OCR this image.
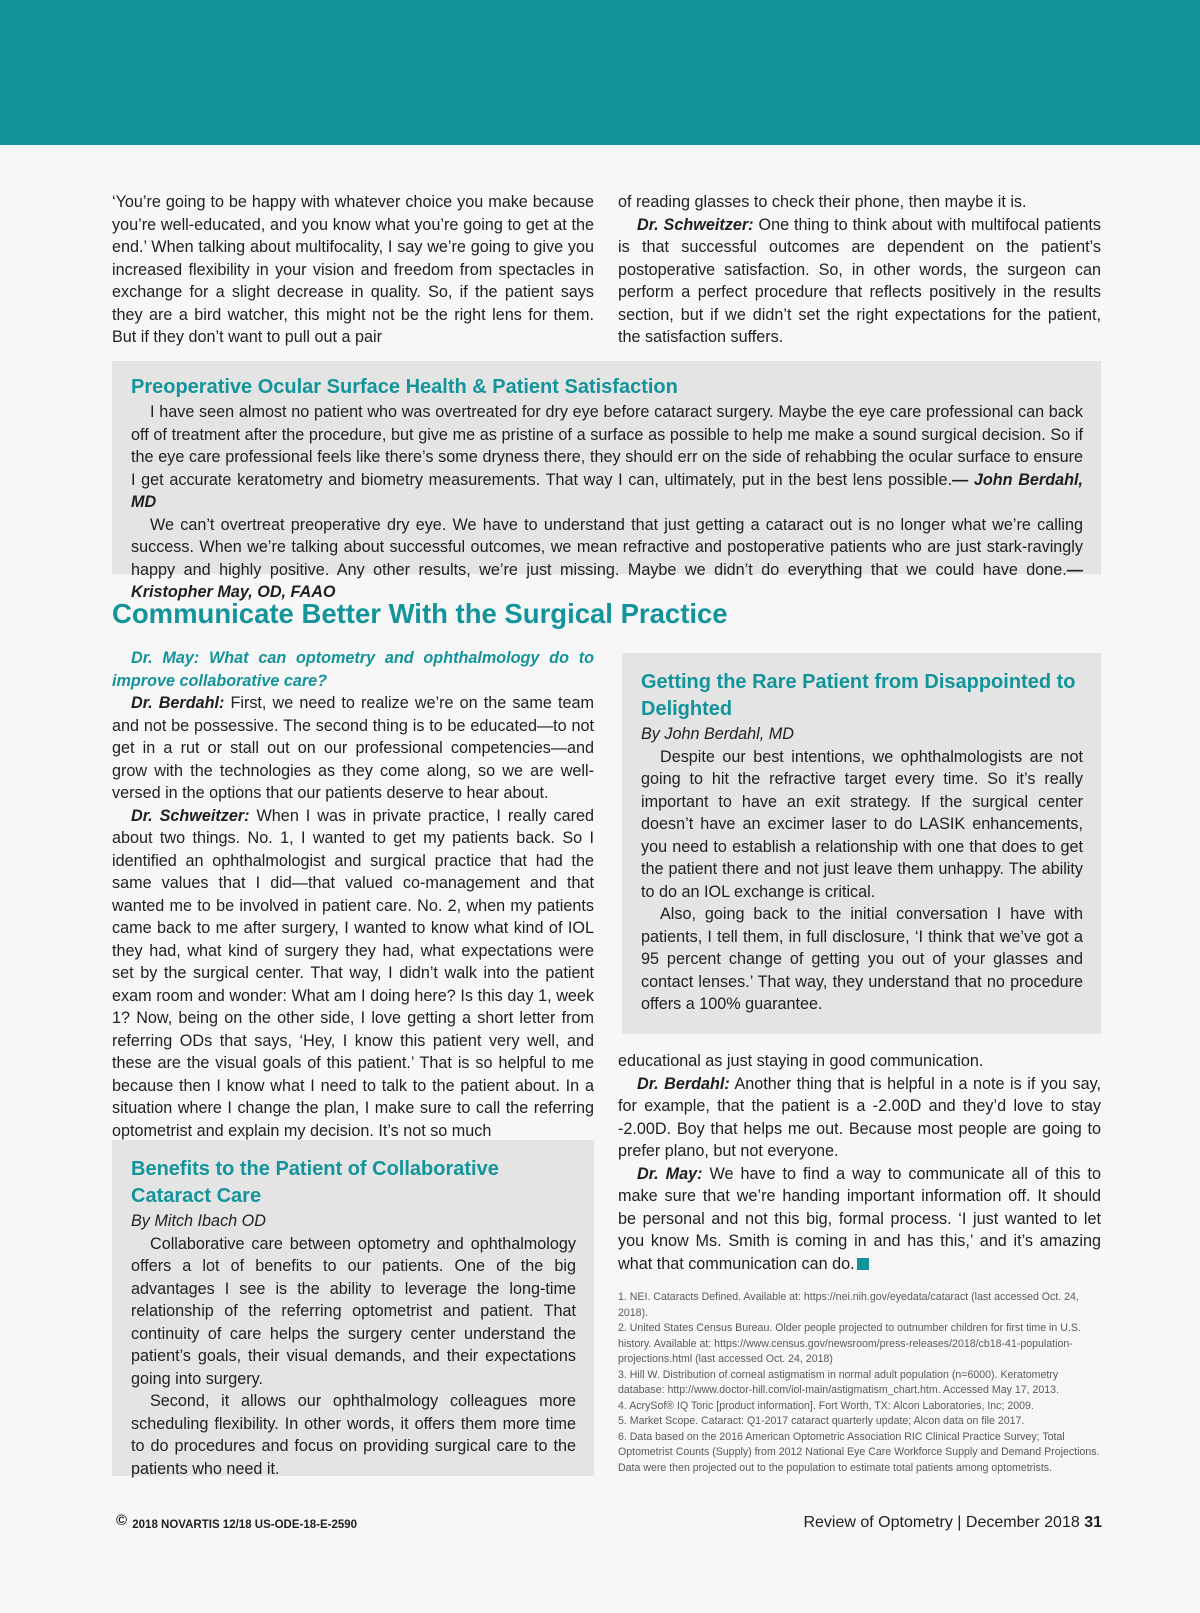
‘You’re going to be happy with whatever choice you make because you’re well-educated, and you know what you’re going to get at the end.’ When talking about multifocality, I say we’re going to give you increased flexibility in your vision and freedom from spectacles in exchange for a slight decrease in quality. So, if the patient says they are a bird watcher, this might not be the right lens for them. But if they don’t want to pull out a pair

of reading glasses to check their phone, then maybe it is.

Dr. Schweitzer: One thing to think about with multifocal patients is that successful outcomes are dependent on the patient’s postoperative satisfaction. So, in other words, the surgeon can perform a perfect procedure that reflects positively in the results section, but if we didn’t set the right expectations for the patient, the satisfaction suffers.

Preoperative Ocular Surface Health & Patient Satisfaction

I have seen almost no patient who was overtreated for dry eye before cataract surgery. Maybe the eye care professional can back off of treatment after the procedure, but give me as pristine of a surface as possible to help me make a sound surgical decision. So if the eye care professional feels like there’s some dryness there, they should err on the side of rehabbing the ocular surface to ensure I get accurate keratometry and biometry measurements. That way I can, ultimately, put in the best lens possible.— John Berdahl, MD

We can’t overtreat preoperative dry eye. We have to understand that just getting a cataract out is no longer what we’re calling success. When we’re talking about successful outcomes, we mean refractive and postoperative patients who are just stark-ravingly happy and highly positive. Any other results, we’re just missing. Maybe we didn’t do everything that we could have done.— Kristopher May, OD, FAAO

Communicate Better With the Surgical Practice

Dr. May: What can optometry and ophthalmology do to improve collaborative care?

Dr. Berdahl: First, we need to realize we’re on the same team and not be possessive. The second thing is to be educated—to not get in a rut or stall out on our professional competencies—and grow with the technologies as they come along, so we are well-versed in the options that our patients deserve to hear about.

Dr. Schweitzer: When I was in private practice, I really cared about two things. No. 1, I wanted to get my patients back. So I identified an ophthalmologist and surgical practice that had the same values that I did—that valued co-management and that wanted me to be involved in patient care. No. 2, when my patients came back to me after surgery, I wanted to know what kind of IOL they had, what kind of surgery they had, what expectations were set by the surgical center. That way, I didn’t walk into the patient exam room and wonder: What am I doing here? Is this day 1, week 1? Now, being on the other side, I love getting a short letter from referring ODs that says, ‘Hey, I know this patient very well, and these are the visual goals of this patient.’ That is so helpful to me because then I know what I need to talk to the patient about. In a situation where I change the plan, I make sure to call the referring optometrist and explain my decision. It’s not so much

Getting the Rare Patient from Disappointed to Delighted

By John Berdahl, MD

Despite our best intentions, we ophthalmologists are not going to hit the refractive target every time. So it’s really important to have an exit strategy. If the surgical center doesn’t have an excimer laser to do LASIK enhancements, you need to establish a relationship with one that does to get the patient there and not just leave them unhappy. The ability to do an IOL exchange is critical.

Also, going back to the initial conversation I have with patients, I tell them, in full disclosure, ‘I think that we’ve got a 95 percent change of getting you out of your glasses and contact lenses.’ That way, they understand that no procedure offers a 100% guarantee.

Benefits to the Patient of Collaborative Cataract Care

By Mitch Ibach OD

Collaborative care between optometry and ophthalmology offers a lot of benefits to our patients. One of the big advantages I see is the ability to leverage the long-time relationship of the referring optometrist and patient. That continuity of care helps the surgery center understand the patient’s goals, their visual demands, and their expectations going into surgery.

Second, it allows our ophthalmology colleagues more scheduling flexibility. In other words, it offers them more time to do procedures and focus on providing surgical care to the patients who need it.

educational as just staying in good communication.

Dr. Berdahl: Another thing that is helpful in a note is if you say, for example, that the patient is a -2.00D and they’d love to stay -2.00D. Boy that helps me out. Because most people are going to prefer plano, but not everyone.

Dr. May: We have to find a way to communicate all of this to make sure that we’re handing important information off. It should be personal and not this big, formal process. ‘I just wanted to let you know Ms. Smith is coming in and has this,’ and it’s amazing what that communication can do.

1. NEI. Cataracts Defined. Available at: https://nei.nih.gov/eyedata/cataract (last accessed Oct. 24, 2018).
2. United States Census Bureau. Older people projected to outnumber children for first time in U.S. history. Available at: https://www.census.gov/newsroom/press-releases/2018/cb18-41-population-projections.html (last accessed Oct. 24, 2018)
3. Hill W. Distribution of corneal astigmatism in normal adult population (n=6000). Keratometry database: http://www.doctor-hill.com/iol-main/astigmatism_chart.htm. Accessed May 17, 2013.
4. AcrySof® IQ Toric [product information]. Fort Worth, TX: Alcon Laboratories, Inc; 2009.
5. Market Scope. Cataract: Q1-2017 cataract quarterly update; Alcon data on file 2017.
6. Data based on the 2016 American Optometric Association RIC Clinical Practice Survey; Total Optometrist Counts (Supply) from 2012 National Eye Care Workforce Supply and Demand Projections. Data were then projected out to the population to estimate total patients among optometrists.
© 2018 NOVARTIS 12/18 US-ODE-18-E-2590	Review of Optometry | December 2018 31
